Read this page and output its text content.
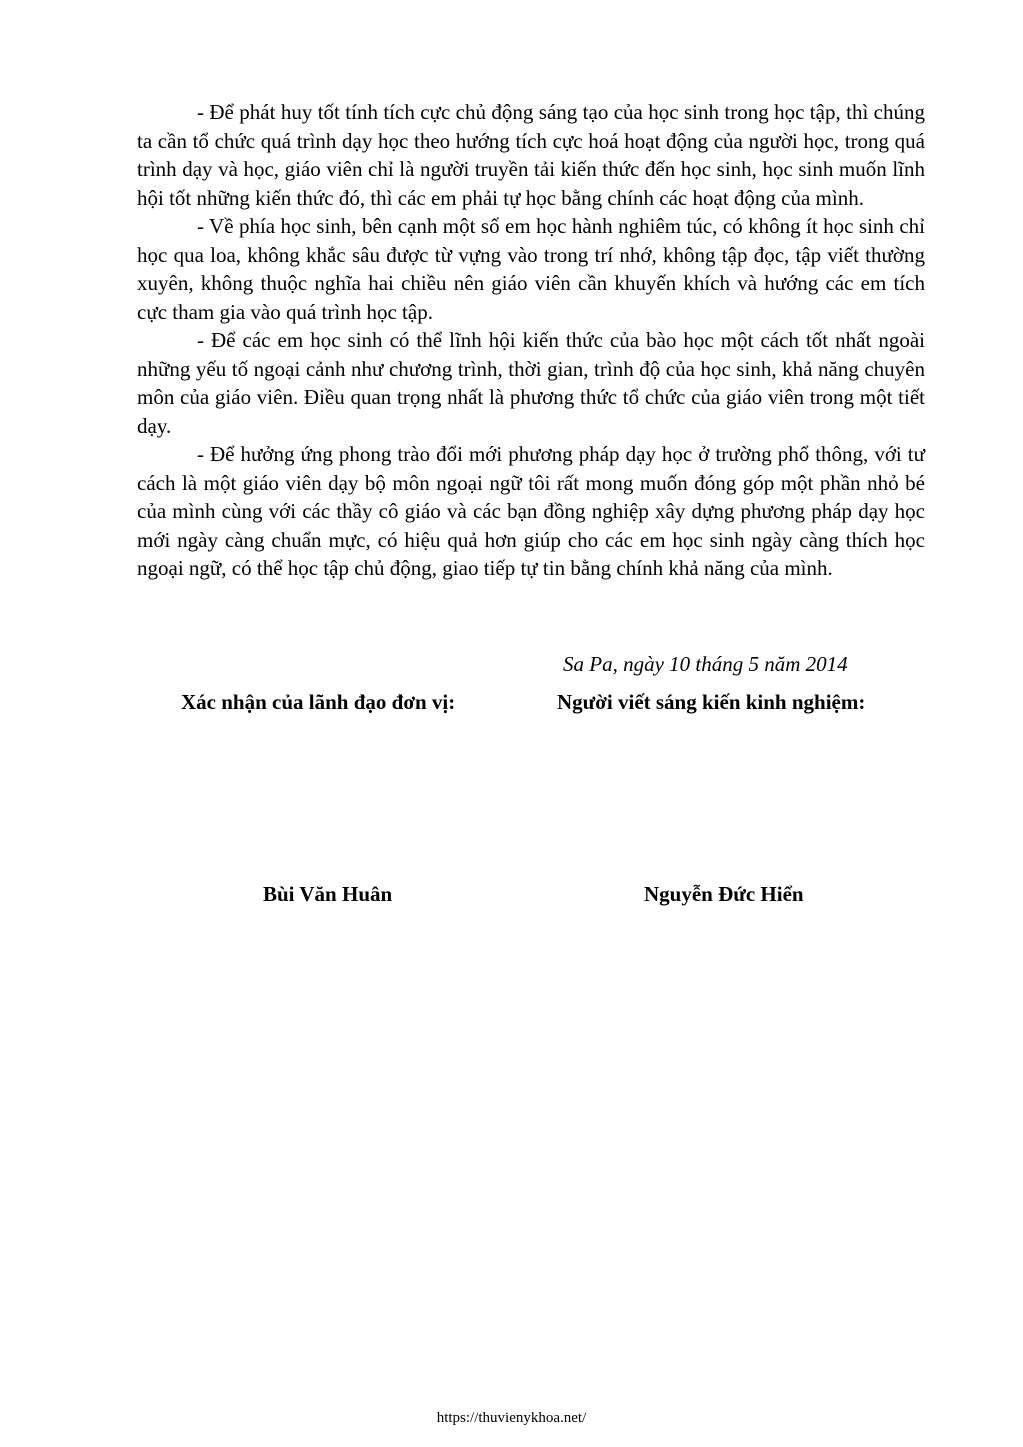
- Để phát huy tốt tính tích cực chủ động sáng tạo của học sinh trong học tập, thì chúng ta cần tổ chức quá trình dạy học theo hướng tích cực hoá hoạt động của người học, trong quá trình dạy và học, giáo viên chỉ là người truyền tải kiến thức đến học sinh, học sinh muốn lĩnh hội tốt những kiến thức đó, thì các em phải tự học bằng chính các hoạt động của mình.

- Về phía học sinh, bên cạnh một số em học hành nghiêm túc, có không ít học sinh chỉ học qua loa, không khắc sâu được từ vựng vào trong trí nhớ, không tập đọc, tập viết thường xuyên, không thuộc nghĩa hai chiều nên giáo viên cần khuyến khích và hướng các em tích cực tham gia vào quá trình học tập.

- Để các em học sinh có thể lĩnh hội kiến thức của bào học một cách tốt nhất ngoài những yếu tố ngoại cảnh như chương trình, thời gian, trình độ của học sinh, khả năng chuyên môn của giáo viên. Điều quan trọng nhất là phương thức tổ chức của giáo viên trong một tiết dạy.

- Để hưởng ứng phong trào đổi mới phương pháp dạy học ở trường phổ thông, với tư cách là một giáo viên dạy bộ môn ngoại ngữ tôi rất mong muốn đóng góp một phần nhỏ bé của mình cùng với các thầy cô giáo và các bạn đồng nghiệp xây dựng phương pháp dạy học mới ngày càng chuẩn mực, có hiệu quả hơn giúp cho các em học sinh ngày càng thích học ngoại ngữ, có thể học tập chủ động, giao tiếp tự tin bằng chính khả năng của mình.

Sa Pa, ngày 10 tháng 5 năm 2014
Xác nhận của lãnh đạo đơn vị:	Người viết sáng kiến kinh nghiệm:
Bùi Văn Huân	Nguyễn Đức Hiển
https://thuvienykhoa.net/
